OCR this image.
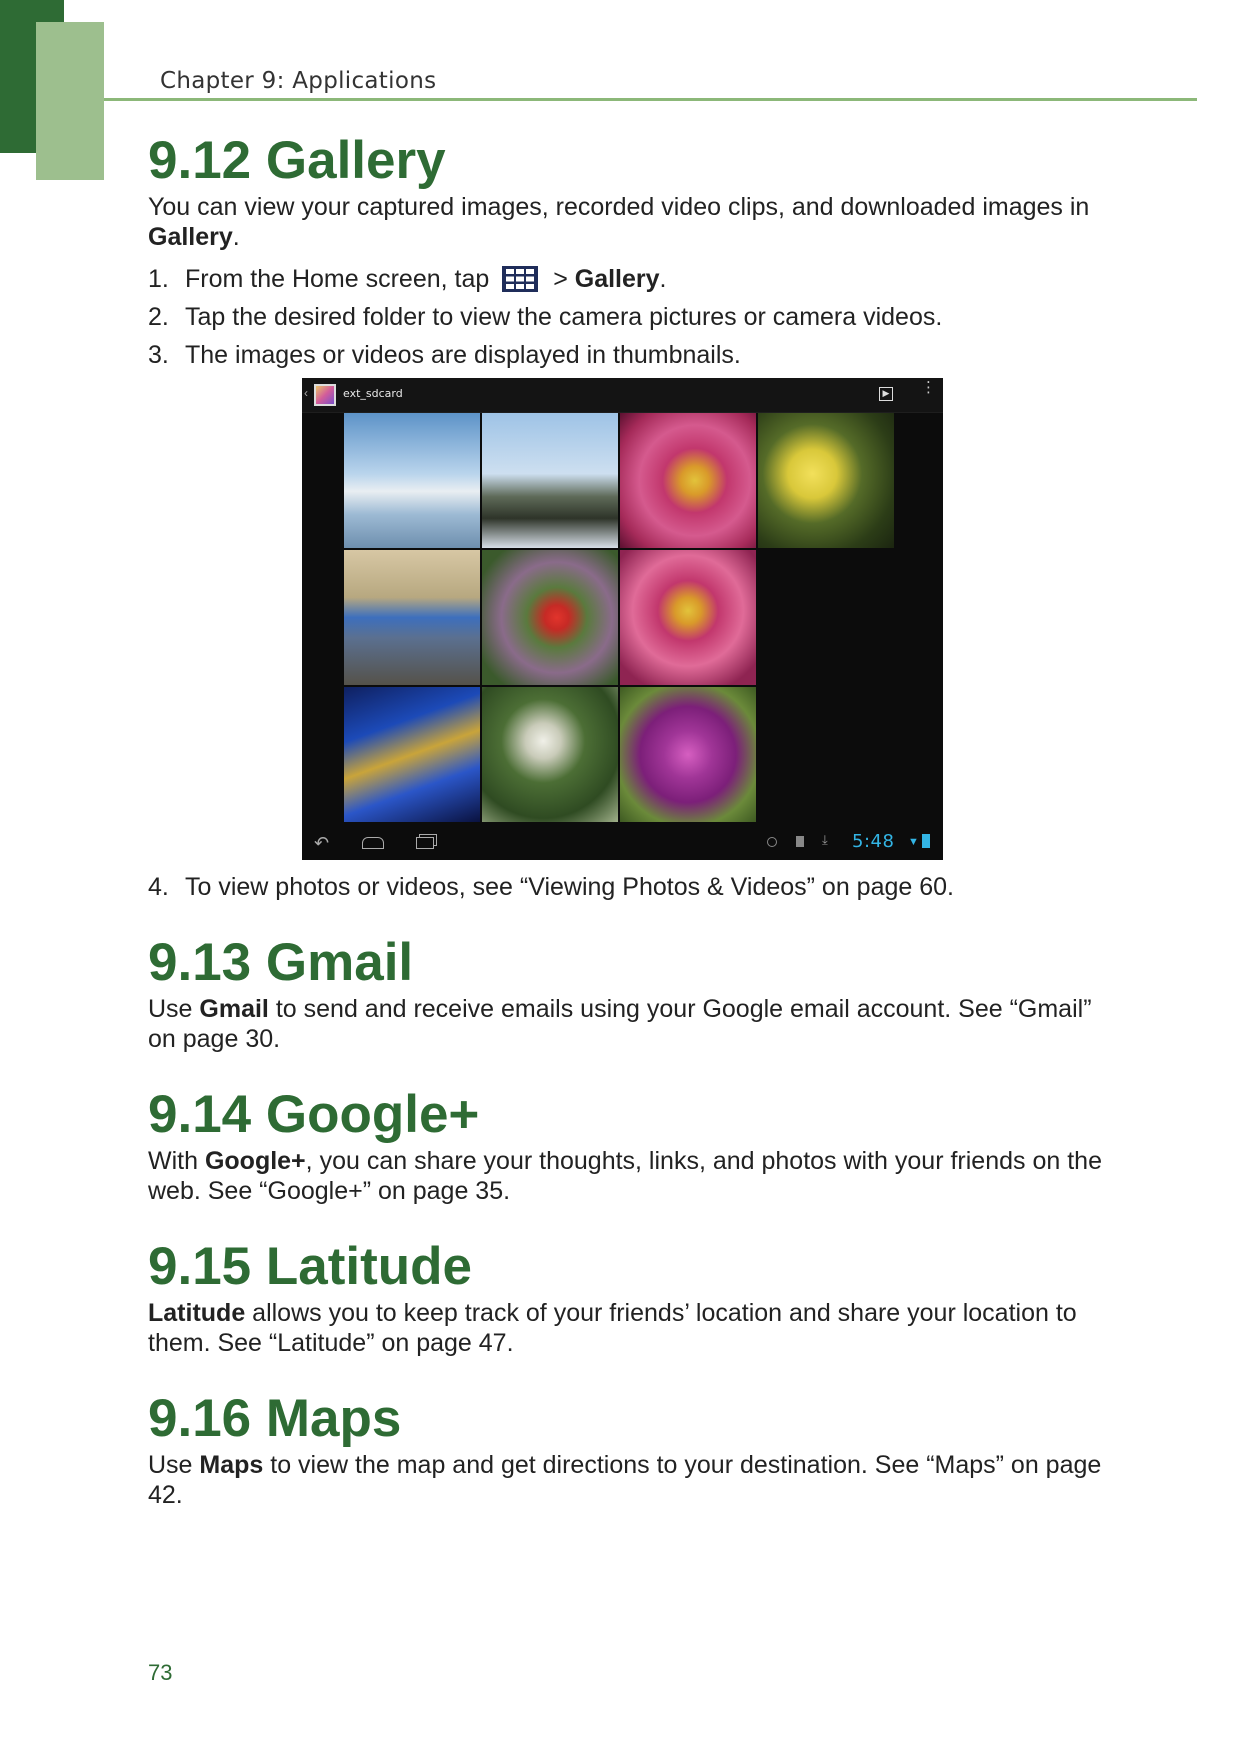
Chapter 9: Applications
9.12 Gallery

You can view your captured images, recorded video clips, and downloaded images in Gallery.

1. From the Home screen, tap  > Gallery.
2. Tap the desired folder to view the camera pictures or camera videos.
3. The images or videos are displayed in thumbnails.
‹	ext_sdcard	▶ ⋮
↶	⤓ 5:48 ▼
4. To view photos or videos, see “Viewing Photos & Videos” on page 60.
9.13 Gmail

Use Gmail to send and receive emails using your Google email account. See “Gmail” on page 30.

9.14 Google+

With Google+, you can share your thoughts, links, and photos with your friends on the web. See “Google+” on page 35.

9.15 Latitude

Latitude allows you to keep track of your friends’ location and share your location to them. See “Latitude” on page 47.

9.16 Maps

Use Maps to view the map and get directions to your destination. See “Maps” on page 42.

73
